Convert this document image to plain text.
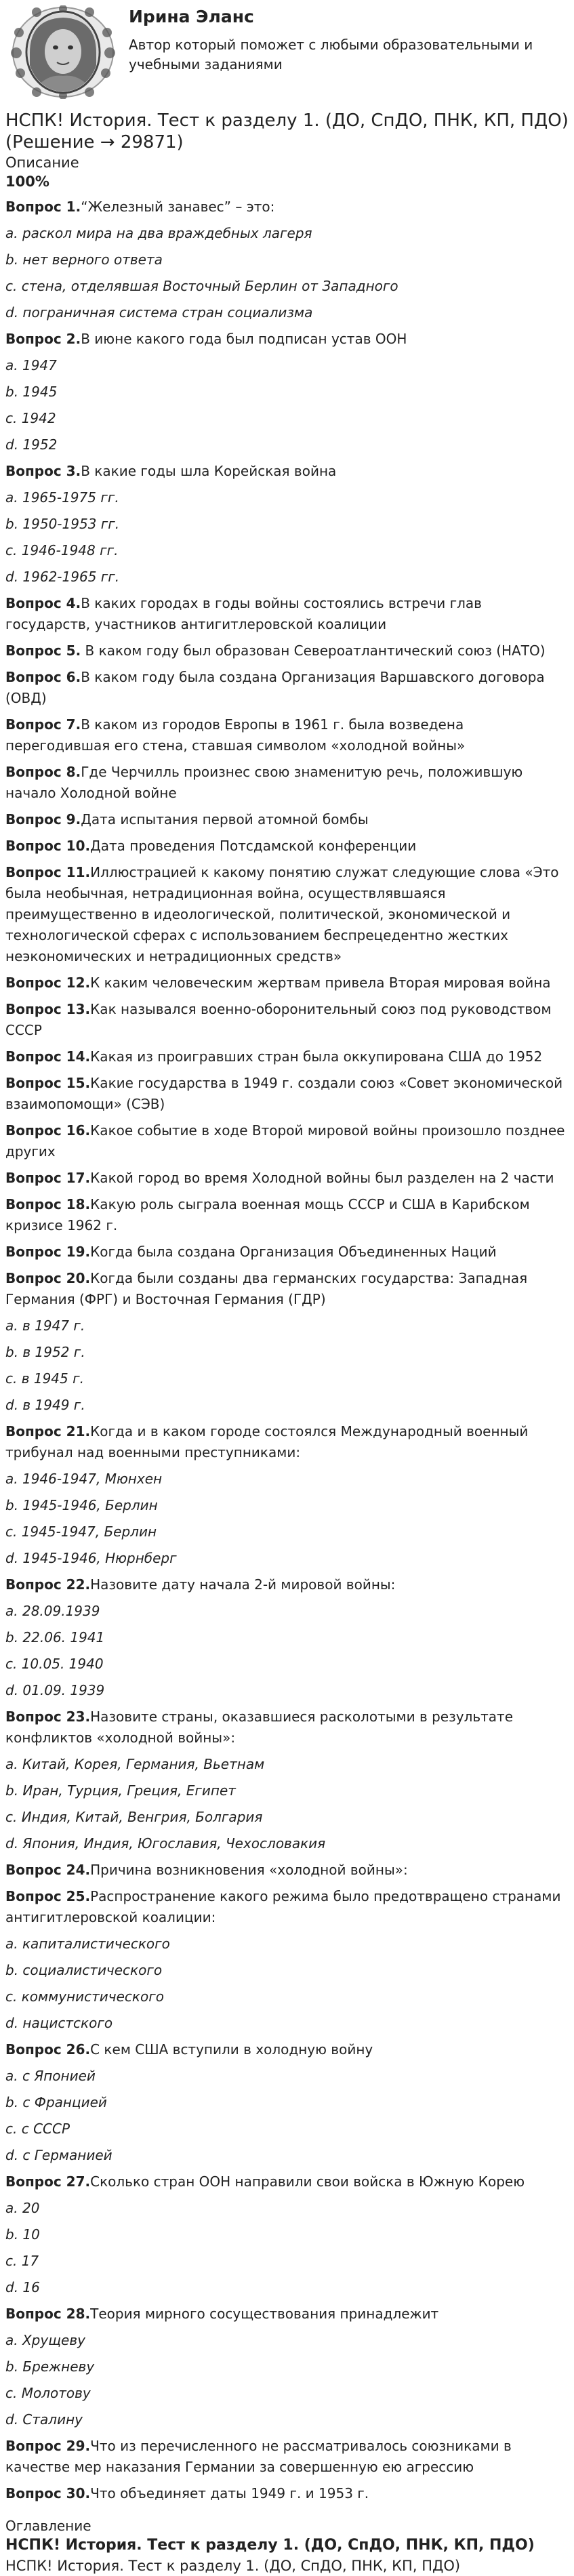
Ирина Эланс
Автор который поможет с любыми образовательными и учебными заданиями
НСПК! История. Тест к разделу 1. (ДО, СпДО, ПНК, КП, ПДО) (Решение → 29871)
Описание
100%
Вопрос 1.“Железный занавес” – это:
a. раскол мира на два враждебных лагеря
b. нет верного ответа
c. стена, отделявшая Восточный Берлин от Западного
d. пограничная система стран социализма
Вопрос 2.В июне какого года был подписан устав ООН
a. 1947
b. 1945
c. 1942
d. 1952
Вопрос 3.В какие годы шла Корейская война
a. 1965-1975 гг.
b. 1950-1953 гг.
c. 1946-1948 гг.
d. 1962-1965 гг.
Вопрос 4.В каких городах в годы войны состоялись встречи глав государств, участников антигитлеровской коалиции
Вопрос 5. В каком году был образован Североатлантический союз (НАТО)
Вопрос 6.В каком году была создана Организация Варшавского договора (ОВД)
Вопрос 7.В каком из городов Европы в 1961 г. была возведена перегодившая его стена, ставшая символом «холодной войны»
Вопрос 8.Где Черчилль произнес свою знаменитую речь, положившую начало Холодной войне
Вопрос 9.Дата испытания первой атомной бомбы
Вопрос 10.Дата проведения Потсдамской конференции
Вопрос 11.Иллюстрацией к какому понятию служат следующие слова «Это была необычная, нетрадиционная война, осуществлявшаяся преимущественно в идеологической, политической, экономической и технологической сферах с использованием беспрецедентно жестких неэкономических и нетрадиционных средств»
Вопрос 12.К каким человеческим жертвам привела Вторая мировая война
Вопрос 13.Как назывался военно-оборонительный союз под руководством СССР
Вопрос 14.Какая из проигравших стран была оккупирована США до 1952
Вопрос 15.Какие государства в 1949 г. создали союз «Совет экономической взаимопомощи» (СЭВ)
Вопрос 16.Какое событие в ходе Второй мировой войны произошло позднее других
Вопрос 17.Какой город во время Холодной войны был разделен на 2 части
Вопрос 18.Какую роль сыграла военная мощь СССР и США в Карибском кризисе 1962 г.
Вопрос 19.Когда была создана Организация Объединенных Наций
Вопрос 20.Когда были созданы два германских государства: Западная Германия (ФРГ) и Восточная Германия (ГДР)
a. в 1947 г.
b. в 1952 г.
c. в 1945 г.
d. в 1949 г.
Вопрос 21.Когда и в каком городе состоялся Международный военный трибунал над военными преступниками:
a. 1946-1947, Мюнхен
b. 1945-1946, Берлин
c. 1945-1947, Берлин
d. 1945-1946, Нюрнберг
Вопрос 22.Назовите дату начала 2-й мировой войны:
a. 28.09.1939
b. 22.06. 1941
c. 10.05. 1940
d. 01.09. 1939
Вопрос 23.Назовите страны, оказавшиеся расколотыми в результате конфликтов «холодной войны»:
a. Китай, Корея, Германия, Вьетнам
b. Иран, Турция, Греция, Египет
c. Индия, Китай, Венгрия, Болгария
d. Япония, Индия, Югославия, Чехословакия
Вопрос 24.Причина возникновения «холодной войны»:
Вопрос 25.Распространение какого режима было предотвращено странами антигитлеровской коалиции:
a. капиталистического
b. социалистического
c. коммунистического
d. нацистского
Вопрос 26.С кем США вступили в холодную войну
a. с Японией
b. с Францией
c. с СССР
d. с Германией
Вопрос 27.Сколько стран ООН направили свои войска в Южную Корею
a. 20
b. 10
c. 17
d. 16
Вопрос 28.Теория мирного сосуществования принадлежит
a. Хрущеву
b. Брежневу
c. Молотову
d. Сталину
Вопрос 29.Что из перечисленного не рассматривалось союзниками в качестве мер наказания Германии за совершенную ею агрессию
Вопрос 30.Что объединяет даты 1949 г. и 1953 г.
Оглавление
НСПК! История. Тест к разделу 1. (ДО, СпДО, ПНК, КП, ПДО)
НСПК! История. Тест к разделу 1. (ДО, СпДО, ПНК, КП, ПДО)
